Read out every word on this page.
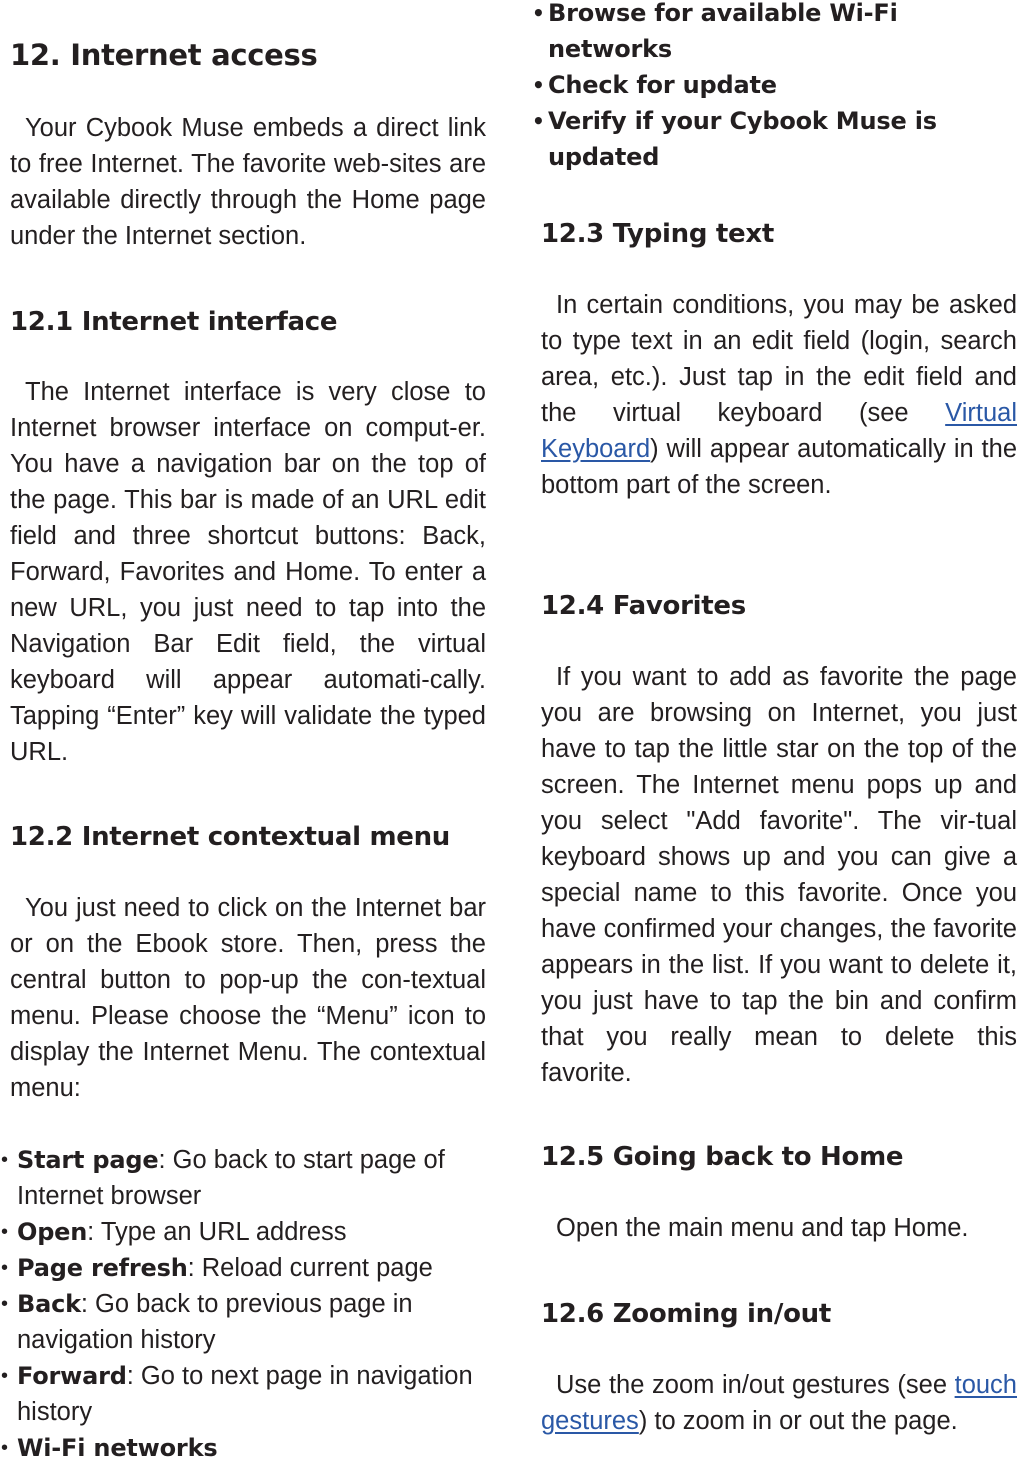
12. Internet access

Your Cybook Muse embeds a direct link to free Internet. The favorite web-sites are available directly through the Home page under the Internet section.

12.1 Internet interface

The Internet interface is very close to Internet browser interface on comput-er. You have a navigation bar on the top of the page. This bar is made of an URL edit field and three shortcut buttons: Back, Forward, Favorites and Home. To enter a new URL, you just need to tap into the Navigation Bar Edit field, the virtual keyboard will appear automati-cally. Tapping “Enter” key will validate the typed URL.

12.2 Internet contextual menu

You just need to click on the Internet bar or on the Ebook store. Then, press the central button to pop-up the con-textual menu. Please choose the “Menu” icon to display the Internet Menu. The contextual menu:

• Start page: Go back to start page of Internet browser
• Open: Type an URL address
• Page refresh: Reload current page
• Back: Go back to previous page in navigation history
• Forward: Go to next page in navigation history
• Wi-Fi networks
• Browse for available Wi-Fi networks
• Check for update
• Verify if your Cybook Muse is updated
12.3 Typing text

In certain conditions, you may be asked to type text in an edit field (login, search area, etc.). Just tap in the edit field and the virtual keyboard (see Virtual Keyboard) will appear automatically in the bottom part of the screen.

12.4 Favorites

If you want to add as favorite the page you are browsing on Internet, you just have to tap the little star on the top of the screen. The Internet menu pops up and you select "Add favorite". The vir-tual keyboard shows up and you can give a special name to this favorite. Once you have confirmed your changes, the favorite appears in the list. If you want to delete it, you just have to tap the bin and confirm that you really mean to delete this favorite.

12.5 Going back to Home

Open the main menu and tap Home.

12.6 Zooming in/out

Use the zoom in/out gestures (see touch gestures) to zoom in or out the page.
